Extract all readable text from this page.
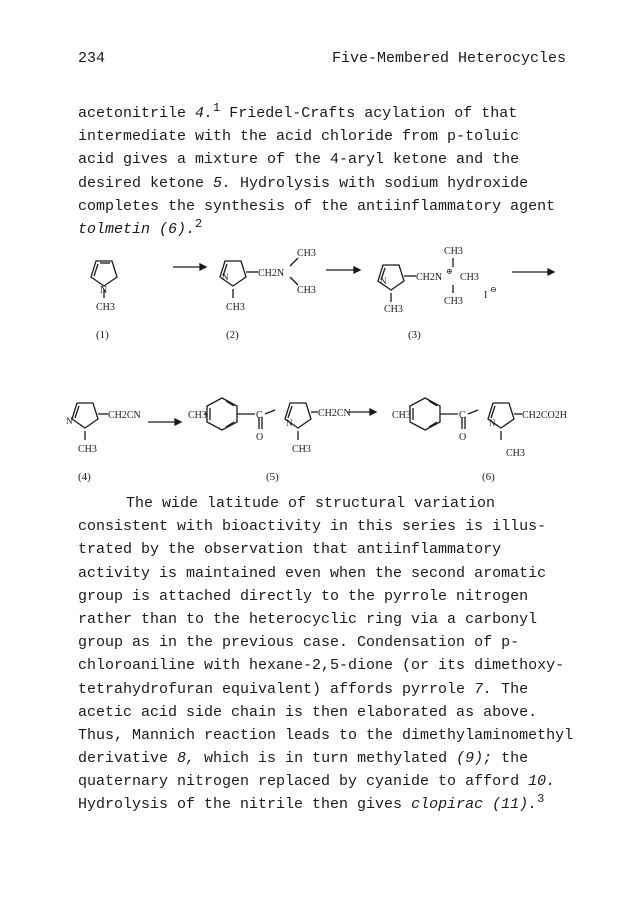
234	Five-Membered Heterocycles
acetonitrile 4.$^1$ Friedel-Crafts acylation of that
intermediate with the acid chloride from p-toluic
acid gives a mixture of the 4-aryl ketone and the
desired ketone 5. Hydrolysis with sodium hydroxide
completes the synthesis of the antiinflammatory agent
tolmetin (6).$^2$
N
CH3
(1)
N	CH2N
CH3
CH3
CH3
(2)
N	CH2N
CH3
⊕
CH3
CH3
I
⊖
CH3
(3)
N	CH2CN
CH3
(4)
CH3	C
O
N
CH2CN
CH3
(5)
CH3	C
O
N
CH2CO2H
CH3
(6)
The wide latitude of structural variation
consistent with bioactivity in this series is illus-
trated by the observation that antiinflammatory
activity is maintained even when the second aromatic
group is attached directly to the pyrrole nitrogen
rather than to the heterocyclic ring via a carbonyl
group as in the previous case. Condensation of p-
chloroaniline with hexane-2,5-dione (or its dimethoxy-
tetrahydrofuran equivalent) affords pyrrole 7. The
acetic acid side chain is then elaborated as above.
Thus, Mannich reaction leads to the dimethylaminomethyl
derivative 8, which is in turn methylated (9); the
quaternary nitrogen replaced by cyanide to afford 10.
Hydrolysis of the nitrile then gives clopirac (11).$^3$
